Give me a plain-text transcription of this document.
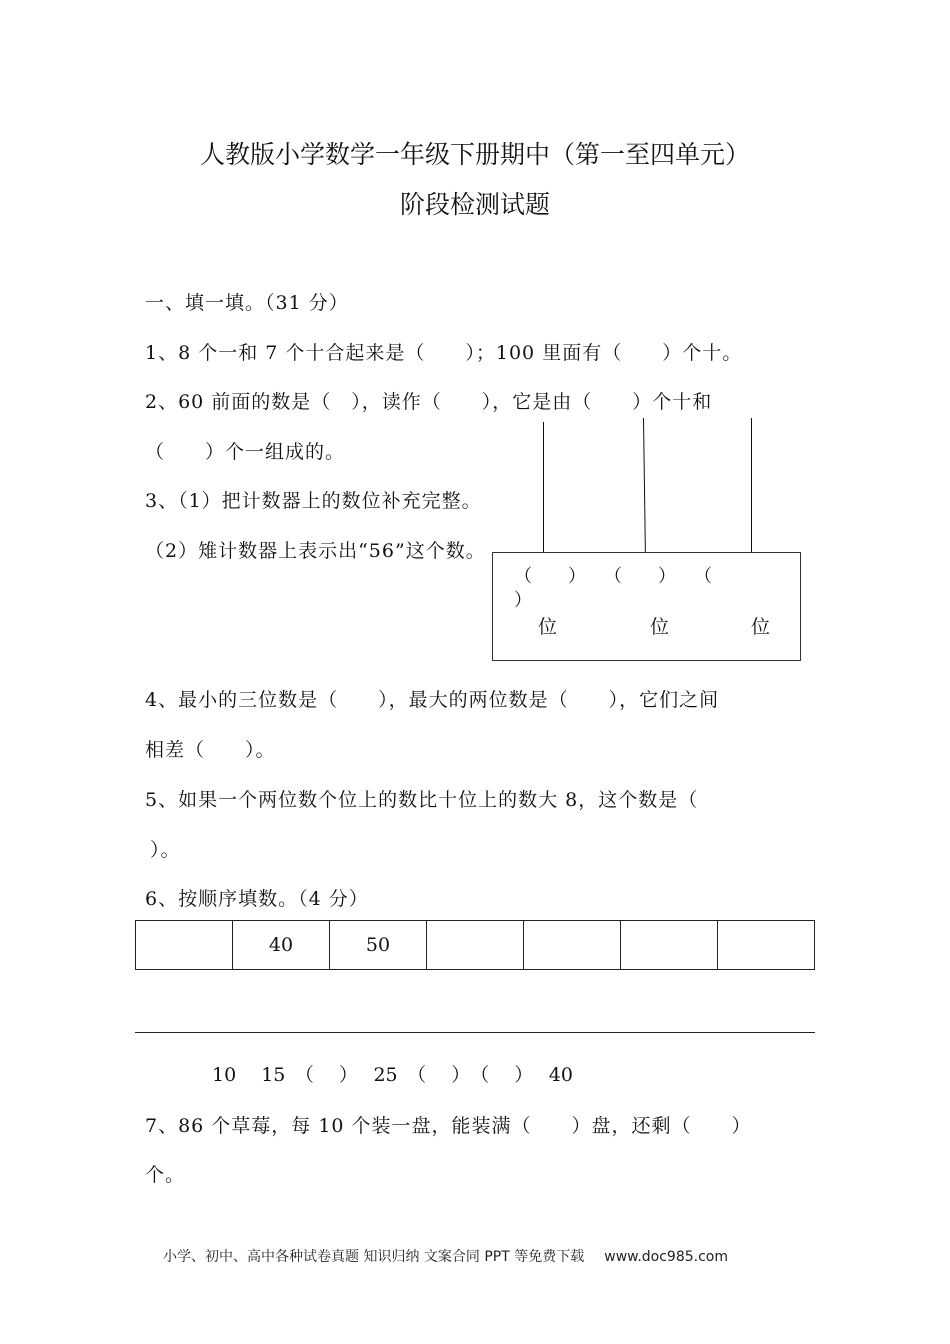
人教版小学数学一年级下册期中（第一至四单元）
阶段检测试题
一、填一填。（31 分）
1、8 个一和 7 个十合起来是（　　）；100 里面有（　　）个十。
2、60 前面的数是（　），读作（　　），它是由（　　）个十和
（　　）个一组成的。
3、（1）把计数器上的数位补充完整。
（2）雉计数器上表示出“56”这个数。
（　　）　　（　　）　　（
）
位	位	位
4、最小的三位数是（　　），最大的两位数是（　　），它们之间
相差（　　）。
5、如果一个两位数个位上的数比十位上的数大 8，这个数是（
）。
6、按顺序填数。（4 分）
	40	50				
10　 15　（　 ）　 25　（　 ）　（　 ）　 40
7、86 个草莓，每 10 个装一盘，能装满（　　）盘，还剩（　　）
个。
小学、初中、高中各种试卷真题 知识归纳 文案合同 PPT 等免费下载 www.doc985.com
